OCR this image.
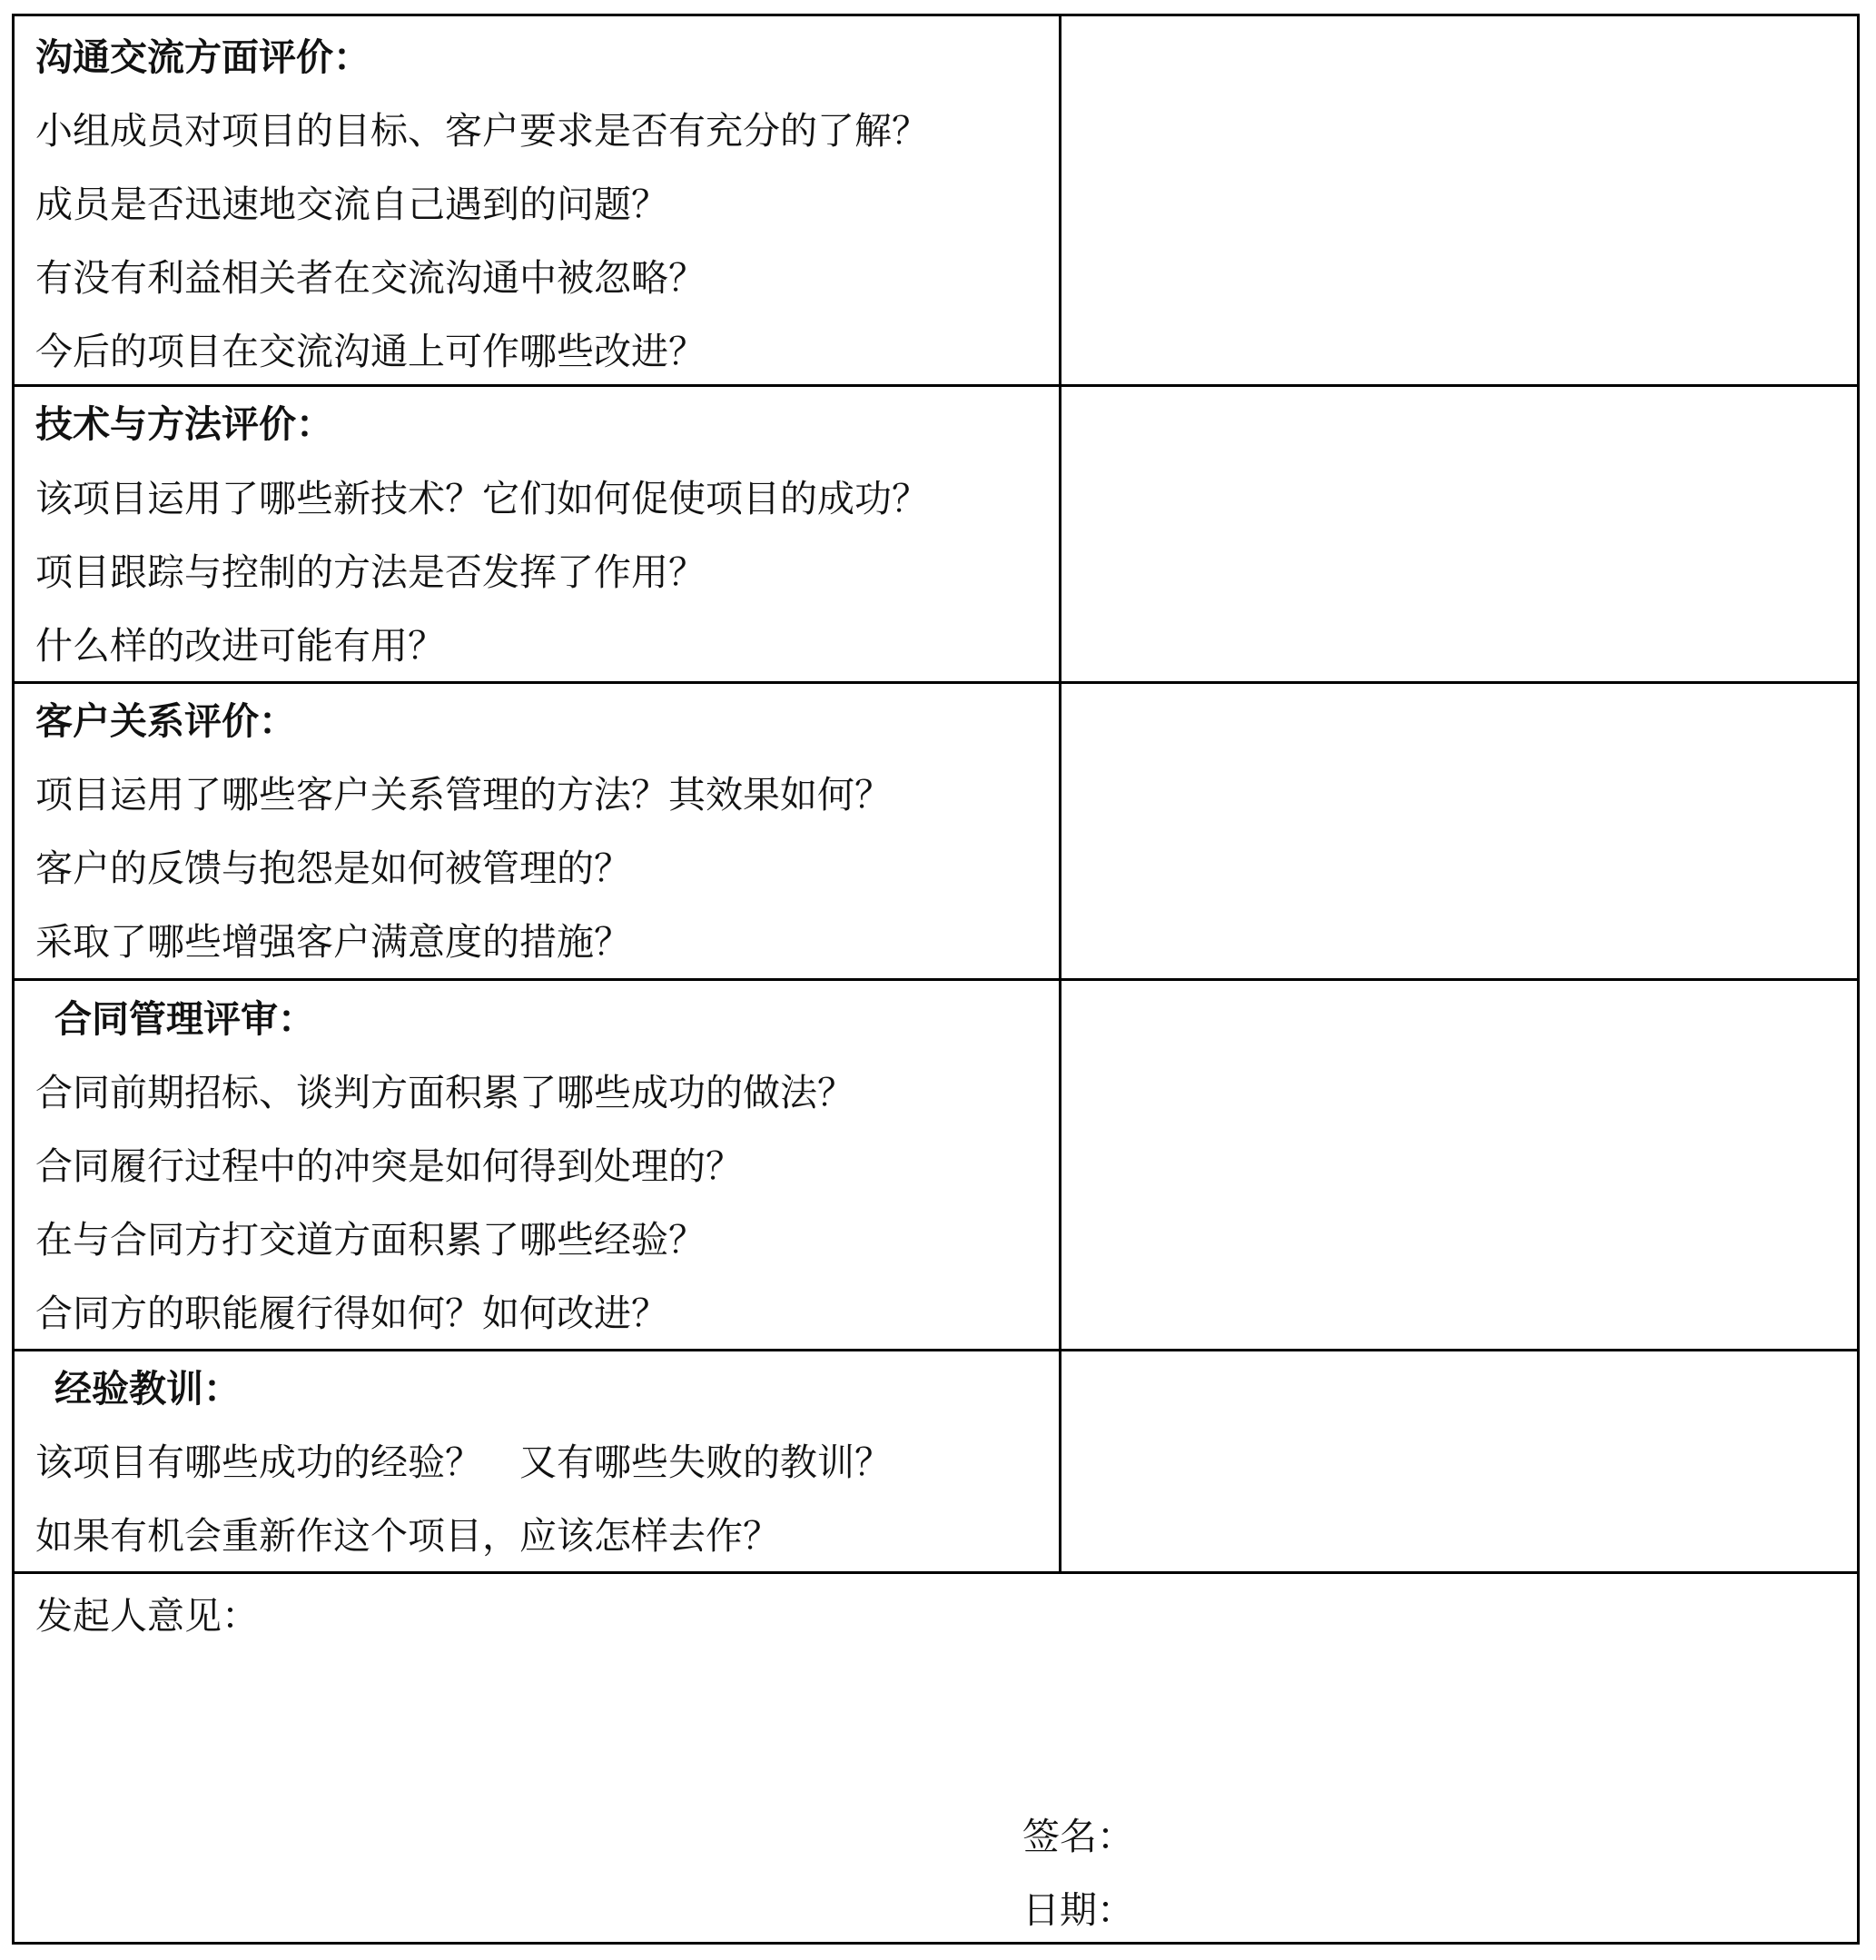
沟通交流方面评价：
小组成员对项目的目标、客户要求是否有充分的了解？
成员是否迅速地交流自己遇到的问题？
有没有利益相关者在交流沟通中被忽略？
今后的项目在交流沟通上可作哪些改进？
技术与方法评价：
该项目运用了哪些新技术？它们如何促使项目的成功？
项目跟踪与控制的方法是否发挥了作用？
什么样的改进可能有用？
客户关系评价：
项目运用了哪些客户关系管理的方法？其效果如何？
客户的反馈与抱怨是如何被管理的？
采取了哪些增强客户满意度的措施？
合同管理评审：
合同前期招标、谈判方面积累了哪些成功的做法？
合同履行过程中的冲突是如何得到处理的？
在与合同方打交道方面积累了哪些经验？
合同方的职能履行得如何？如何改进？
经验教训：
该项目有哪些成功的经验？　又有哪些失败的教训？
如果有机会重新作这个项目，应该怎样去作？
发起人意见：
签名：
日期：
